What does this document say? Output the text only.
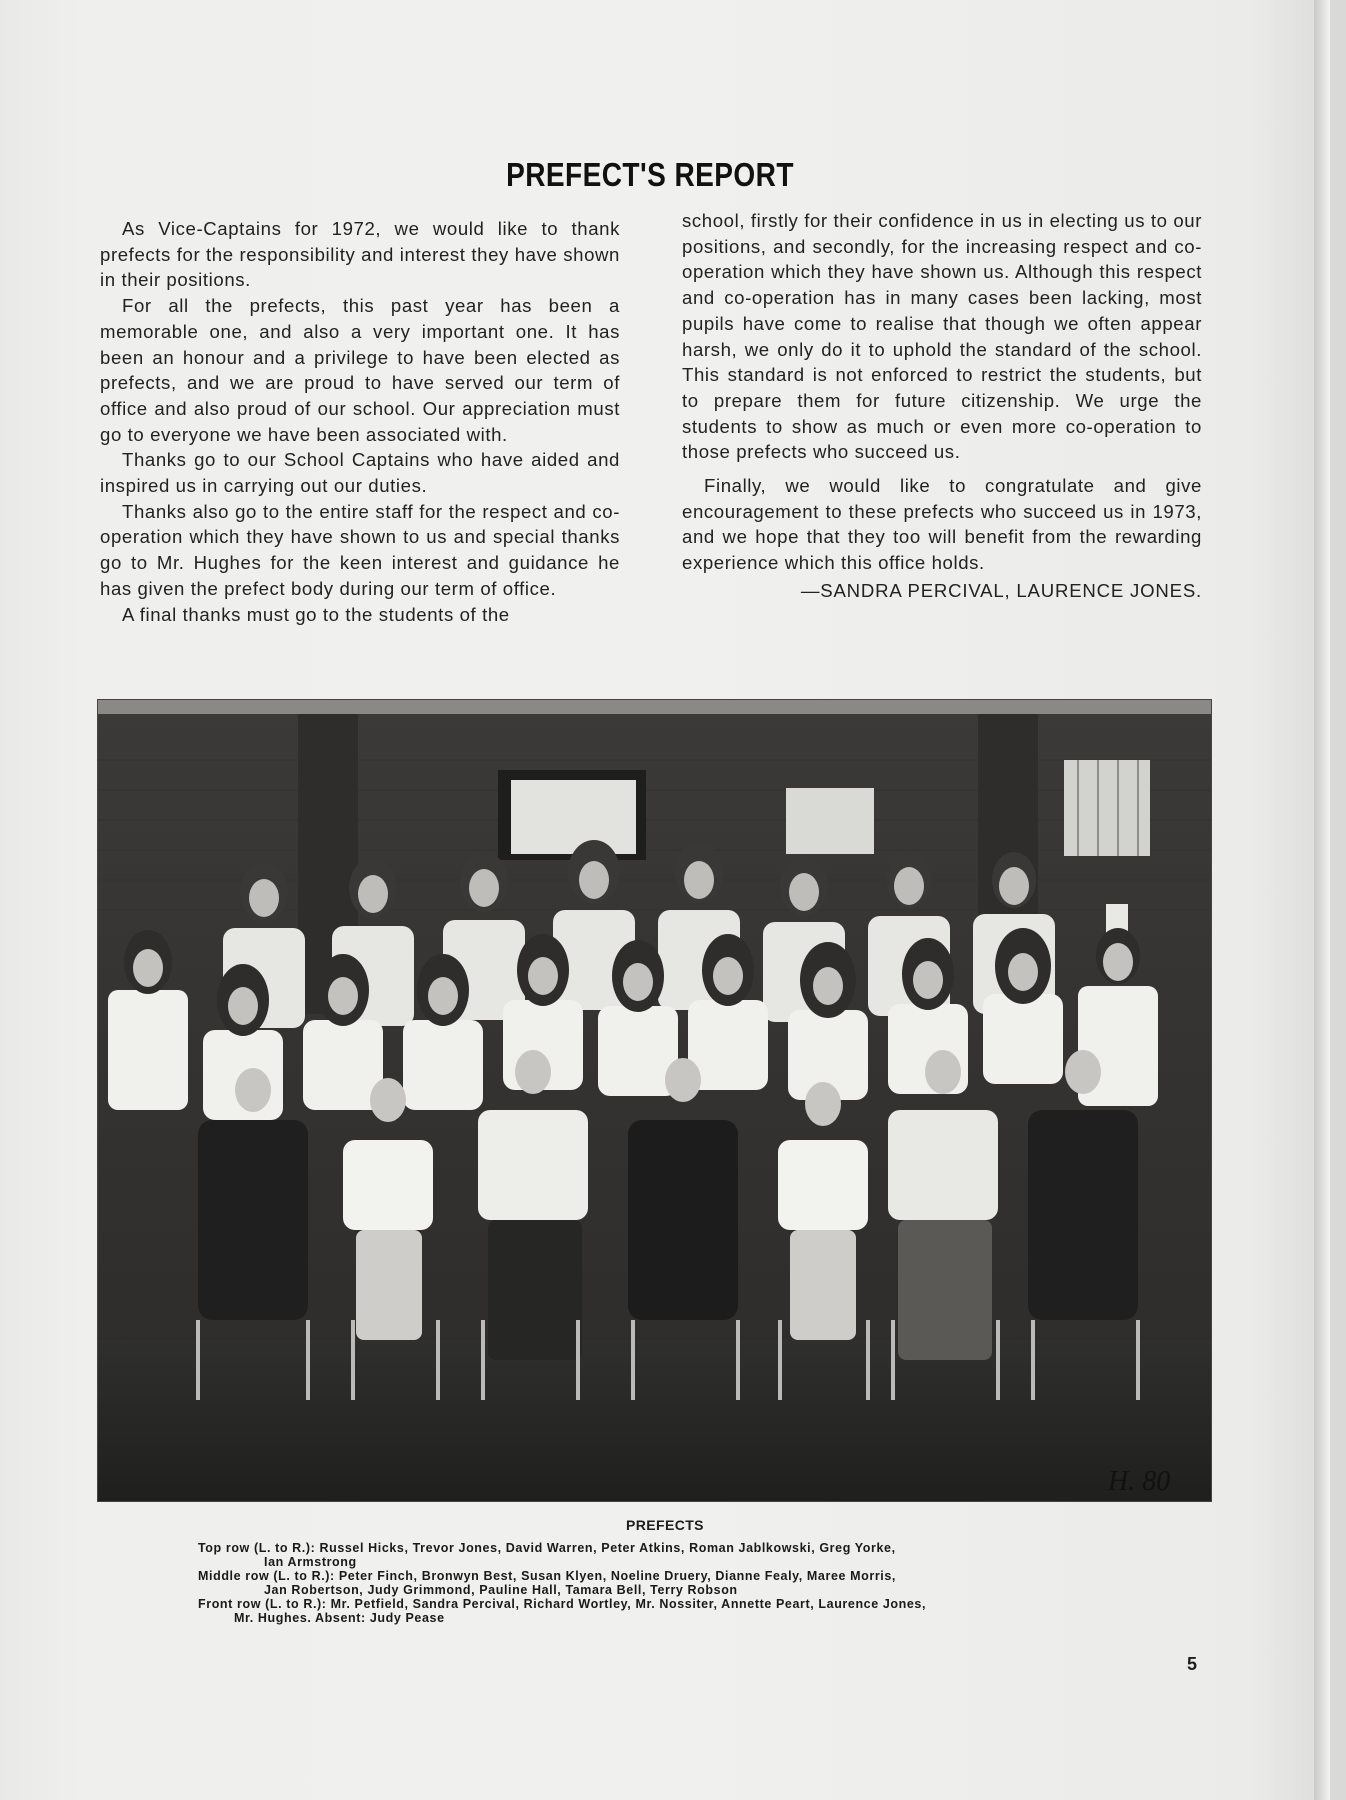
PREFECT'S REPORT

As Vice-Captains for 1972, we would like to thank prefects for the responsibility and interest they have shown in their positions.

For all the prefects, this past year has been a memorable one, and also a very important one. It has been an honour and a privilege to have been elected as prefects, and we are proud to have served our term of office and also proud of our school. Our appreciation must go to everyone we have been associated with.

Thanks go to our School Captains who have aided and inspired us in carrying out our duties.

Thanks also go to the entire staff for the respect and co-operation which they have shown to us and special thanks go to Mr. Hughes for the keen interest and guidance he has given the prefect body during our term of office.

A final thanks must go to the students of the

school, firstly for their confidence in us in electing us to our positions, and secondly, for the increasing respect and co-operation which they have shown us. Although this respect and co-operation has in many cases been lacking, most pupils have come to realise that though we often appear harsh, we only do it to uphold the standard of the school. This standard is not enforced to restrict the students, but to prepare them for future citizenship. We urge the students to show as much or even more co-operation to those prefects who succeed us.

Finally, we would like to congratulate and give encouragement to these prefects who succeed us in 1973, and we hope that they too will benefit from the rewarding experience which this office holds.

—SANDRA PERCIVAL, LAURENCE JONES.
H. 80
PREFECTS
Top row (L. to R.): Russel Hicks, Trevor Jones, David Warren, Peter Atkins, Roman Jablkowski, Greg Yorke,
Ian Armstrong
Middle row (L. to R.): Peter Finch, Bronwyn Best, Susan Klyen, Noeline Druery, Dianne Fealy, Maree Morris,
Jan Robertson, Judy Grimmond, Pauline Hall, Tamara Bell, Terry Robson
Front row (L. to R.): Mr. Petfield, Sandra Percival, Richard Wortley, Mr. Nossiter, Annette Peart, Laurence Jones,
Mr. Hughes. Absent: Judy Pease
5
